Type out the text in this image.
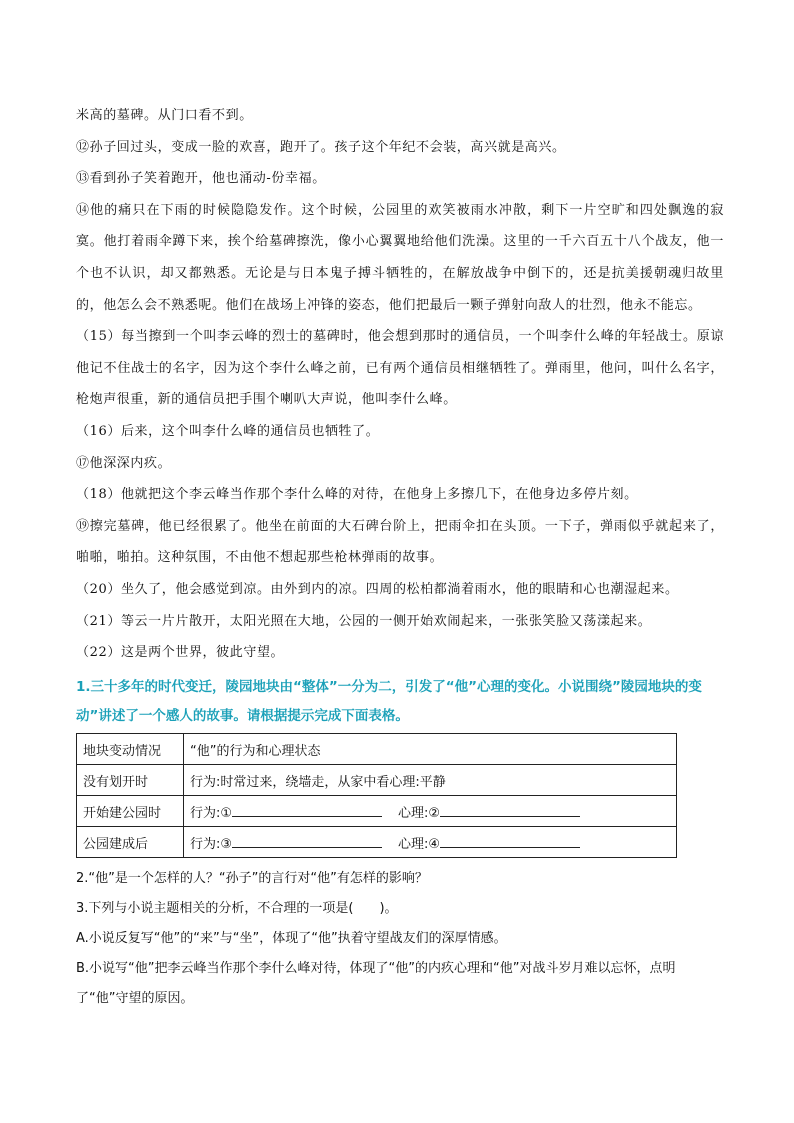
米高的墓碑。从门口看不到。

⑫孙子回过头，变成一脸的欢喜，跑开了。孩子这个年纪不会装，高兴就是高兴。

⑬看到孙子笑着跑开，他也涌动-份幸福。

⑭他的痛只在下雨的时候隐隐发作。这个时候，公园里的欢笑被雨水冲散，剩下一片空旷和四处飘逸的寂寞。他打着雨伞蹲下来，挨个给墓碑擦洗，像小心翼翼地给他们洗澡。这里的一千六百五十八个战友，他一个也不认识，却又都熟悉。无论是与日本鬼子搏斗牺牲的，在解放战争中倒下的，还是抗美援朝魂归故里的，他怎么会不熟悉呢。他们在战场上冲锋的姿态，他们把最后一颗子弹射向敌人的壮烈，他永不能忘。

（15）每当擦到一个叫李云峰的烈士的墓碑时，他会想到那时的通信员，一个叫李什么峰的年轻战士。原谅他记不住战士的名字，因为这个李什么峰之前，已有两个通信员相继牺牲了。弹雨里，他问，叫什么名字，枪炮声很重，新的通信员把手围个喇叭大声说，他叫李什么峰。

（16）后来，这个叫李什么峰的通信员也牺牲了。

⑰他深深内疚。

（18）他就把这个李云峰当作那个李什么峰的对待，在他身上多擦几下，在他身边多停片刻。

⑲擦完墓碑，他已经很累了。他坐在前面的大石碑台阶上，把雨伞扣在头顶。一下子，弹雨似乎就起来了，啪啪，啪拍。这种氛围，不由他不想起那些枪林弹雨的故事。

（20）坐久了，他会感觉到凉。由外到内的凉。四周的松柏都淌着雨水，他的眼睛和心也潮湿起来。

（21）等云一片片散开，太阳光照在大地，公园的一侧开始欢闹起来，一张张笑脸又荡漾起来。

（22）这是两个世界，彼此守望。

1.三十多年的时代变迁，陵园地块由“整体”一分为二，引发了“他”心理的变化。小说围绕”陵园地块的变动”讲述了一个感人的故事。请根据提示完成下面表格。

地块变动情况	“他”的行为和心理状态
没有划开时	行为:时常过来，绕墙走，从家中看心理:平静
开始建公园时	行为:① 心理:②
公园建成后	行为:③ 心理:④

2.“他”是一个怎样的人？“孙子”的言行对“他”有怎样的影响？

3.下列与小说主题相关的分析，不合理的一项是(　　)。

A.小说反复写“他”的“来”与“坐”，体现了“他”执着守望战友们的深厚情感。

B.小说写“他”把李云峰当作那个李什么峰对待，体现了“他”的内疚心理和“他”对战斗岁月难以忘怀，点明了“他”守望的原因。
